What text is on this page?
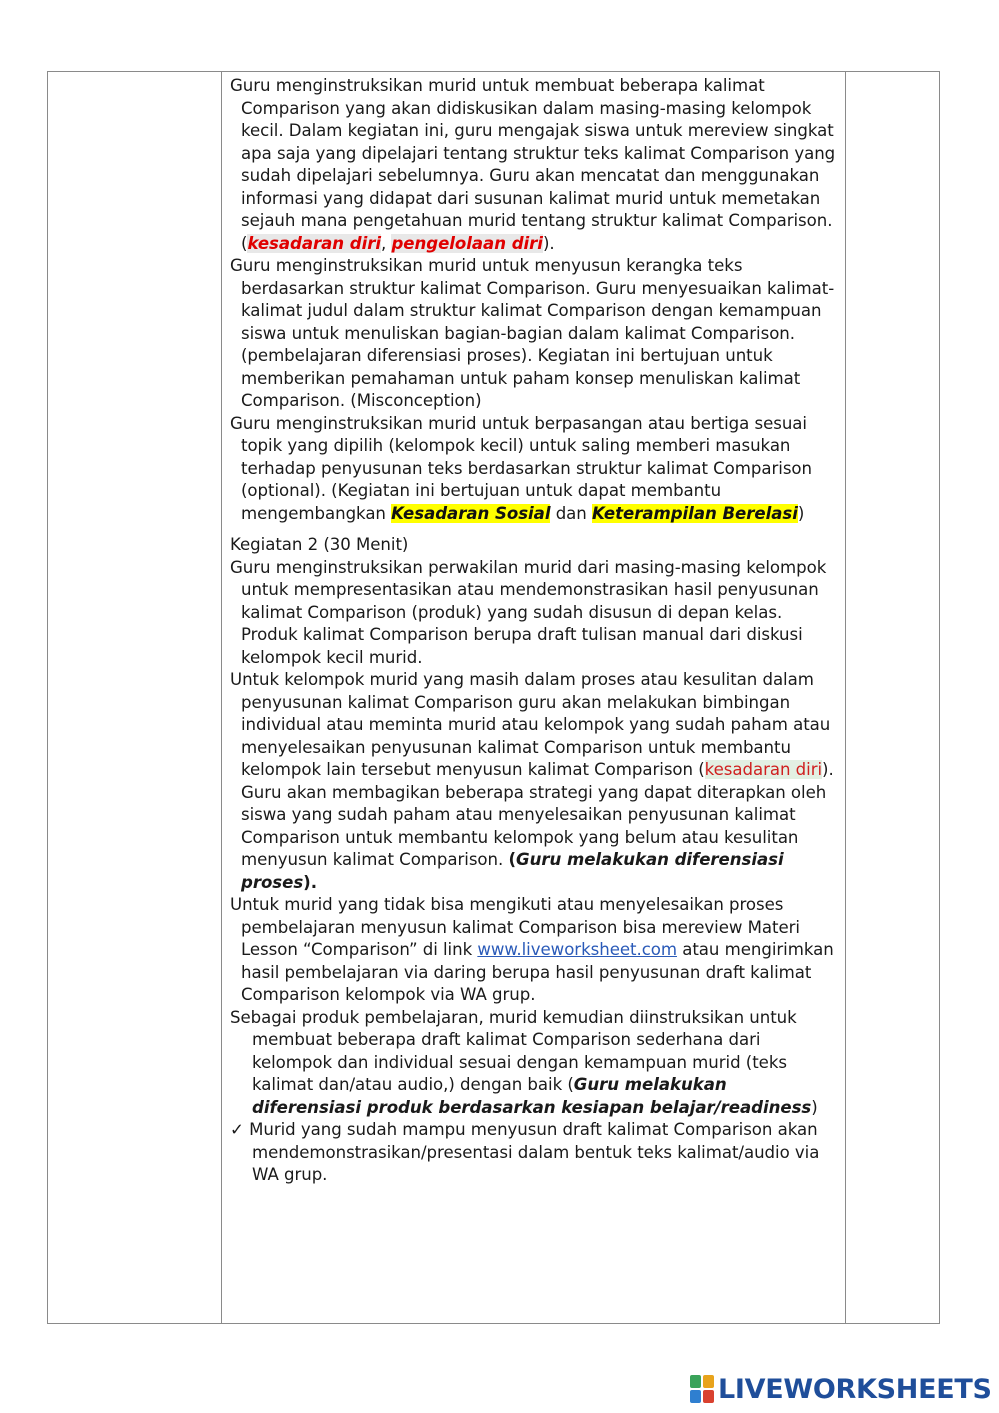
Guru menginstruksikan murid untuk membuat beberapa kalimat Comparison yang akan didiskusikan dalam masing-masing kelompok kecil. Dalam kegiatan ini, guru mengajak siswa untuk mereview singkat apa saja yang dipelajari tentang struktur teks kalimat Comparison yang sudah dipelajari sebelumnya. Guru akan mencatat dan menggunakan informasi yang didapat dari susunan kalimat murid untuk memetakan sejauh mana pengetahuan murid tentang struktur kalimat Comparison. (kesadaran diri, pengelolaan diri).

Guru menginstruksikan murid untuk menyusun kerangka teks berdasarkan struktur kalimat Comparison. Guru menyesuaikan kalimat-kalimat judul dalam struktur kalimat Comparison dengan kemampuan siswa untuk menuliskan bagian-bagian dalam kalimat Comparison. (pembelajaran diferensiasi proses). Kegiatan ini bertujuan untuk memberikan pemahaman untuk paham konsep menuliskan kalimat Comparison. (Misconception)

Guru menginstruksikan murid untuk berpasangan atau bertiga sesuai topik yang dipilih (kelompok kecil) untuk saling memberi masukan terhadap penyusunan teks berdasarkan struktur kalimat Comparison (optional). (Kegiatan ini bertujuan untuk dapat membantu mengembangkan Kesadaran Sosial dan Keterampilan Berelasi)

Kegiatan 2 (30 Menit)

Guru menginstruksikan perwakilan murid dari masing-masing kelompok untuk mempresentasikan atau mendemonstrasikan hasil penyusunan kalimat Comparison (produk) yang sudah disusun di depan kelas. Produk kalimat Comparison berupa draft tulisan manual dari diskusi kelompok kecil murid.

Untuk kelompok murid yang masih dalam proses atau kesulitan dalam penyusunan kalimat Comparison guru akan melakukan bimbingan individual atau meminta murid atau kelompok yang sudah paham atau menyelesaikan penyusunan kalimat Comparison untuk membantu kelompok lain tersebut menyusun kalimat Comparison (kesadaran diri). Guru akan membagikan beberapa strategi yang dapat diterapkan oleh siswa yang sudah paham atau menyelesaikan penyusunan kalimat Comparison untuk membantu kelompok yang belum atau kesulitan menyusun kalimat Comparison. (Guru melakukan diferensiasi proses).

Untuk murid yang tidak bisa mengikuti atau menyelesaikan proses pembelajaran menyusun kalimat Comparison bisa mereview Materi Lesson “Comparison” di link www.liveworksheet.com atau mengirimkan hasil pembelajaran via daring berupa hasil penyusunan draft kalimat Comparison kelompok via WA grup.

Sebagai produk pembelajaran, murid kemudian diinstruksikan untuk membuat beberapa draft kalimat Comparison sederhana dari kelompok dan individual sesuai dengan kemampuan murid (teks kalimat dan/atau audio,) dengan baik (Guru melakukan diferensiasi produk berdasarkan kesiapan belajar/readiness)

✓ Murid yang sudah mampu menyusun draft kalimat Comparison akan mendemonstrasikan/presentasi dalam bentuk teks kalimat/audio via WA grup.

LIVEWORKSHEETS
